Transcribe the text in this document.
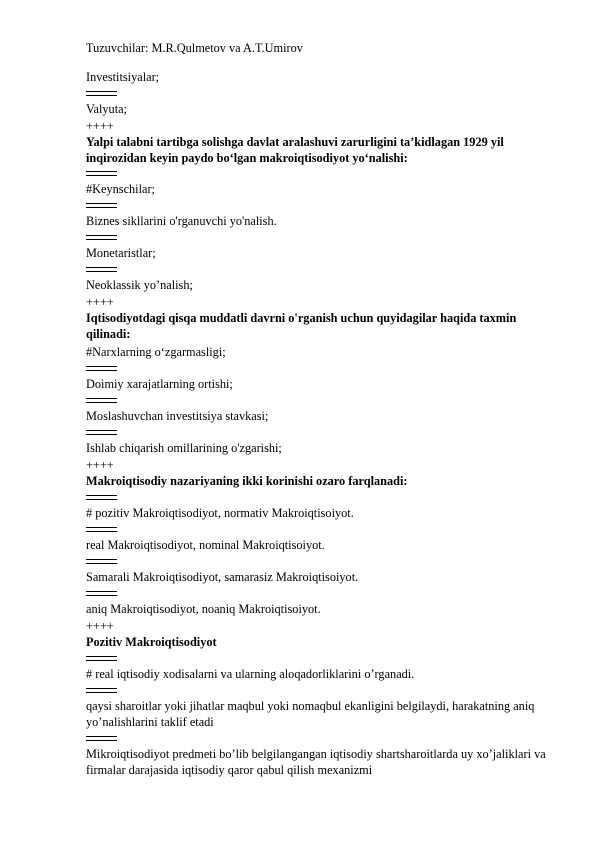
Tuzuvchilar: M.R.Qulmetov va A.T.Umirov
Investitsiyalar;
Valyuta;
++++
Yalpi talabni tartibga solishga davlat aralashuvi zarurligini ta’kidlagan 1929 yil inqirozidan keyin paydo bo‘lgan makroiqtisodiyot yo‘nalishi:
#Keynschilar;
Biznes sikllarini o'rganuvchi yo'nalish.
Monetaristlar;
Neoklassik yo’nalish;
++++
Iqtisodiyotdagi qisqa muddatli davrni o'rganish uchun quyidagilar haqida taxmin qilinadi:
#Narxlarning o‘zgarmasligi;
Doimiy xarajatlarning ortishi;
Moslashuvchan investitsiya stavkasi;
Ishlab chiqarish omillarining o'zgarishi;
++++
Makroiqtisodiy nazariyaning ikki korinishi ozaro farqlanadi:
# pozitiv Makroiqtisodiyot, normativ Makroiqtisoiyot.
real Makroiqtisodiyot, nominal Makroiqtisoiyot.
Samarali Makroiqtisodiyot, samarasiz Makroiqtisoiyot.
aniq Makroiqtisodiyot, noaniq Makroiqtisoiyot.
++++
Pozitiv Makroiqtisodiyot
# real iqtisodiy xodisalarni va ularning aloqadorliklarini o’rganadi.
qaysi sharoitlar yoki jihatlar maqbul yoki nomaqbul ekanligini belgilaydi, harakatning aniq yo’nalishlarini taklif etadi
Mikroiqtisodiyot predmeti bo’lib belgilangangan iqtisodiy shartsharoitlarda uy xo’jaliklari va firmalar darajasida iqtisodiy qaror qabul qilish mexanizmi
